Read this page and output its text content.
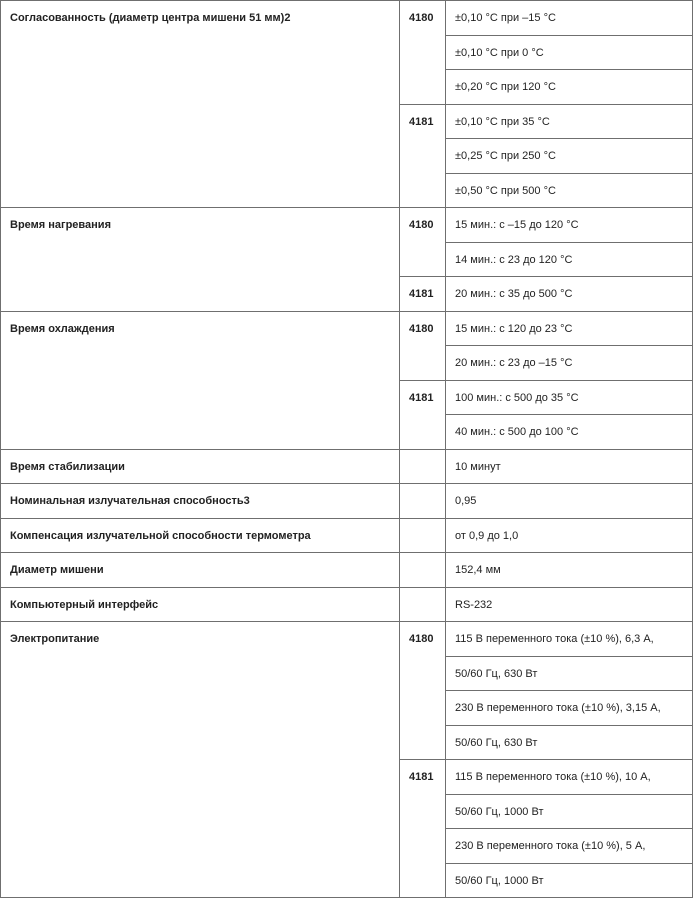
Согласованность (диаметр центра мишени 51 мм)2	4180	±0,10 °C при –15 °C
		±0,10 °C при 0 °C
		±0,20 °C при 120 °C
	4181	±0,10 °C при 35 °C
		±0,25 °C при 250 °C
		±0,50 °C при 500 °C
Время нагревания	4180	15 мин.: с –15 до 120 °C
		14 мин.: с 23 до 120 °C
	4181	20 мин.: с 35 до 500 °C
Время охлаждения	4180	15 мин.: с 120 до 23 °C
		20 мин.: с 23 до –15 °C
	4181	100 мин.: с 500 до 35 °C
		40 мин.: с 500 до 100 °C
Время стабилизации		10 минут
Номинальная излучательная способность3		0,95
Компенсация излучательной способности термометра		от 0,9 до 1,0
Диаметр мишени		152,4 мм
Компьютерный интерфейс		RS-232
Электропитание	4180	115 В переменного тока (±10 %), 6,3 А,
		50/60 Гц, 630 Вт
		230 В переменного тока (±10 %), 3,15 А,
		50/60 Гц, 630 Вт
	4181	115 В переменного тока (±10 %), 10 А,
		50/60 Гц, 1000 Вт
		230 В переменного тока (±10 %), 5 А,
		50/60 Гц, 1000 Вт
